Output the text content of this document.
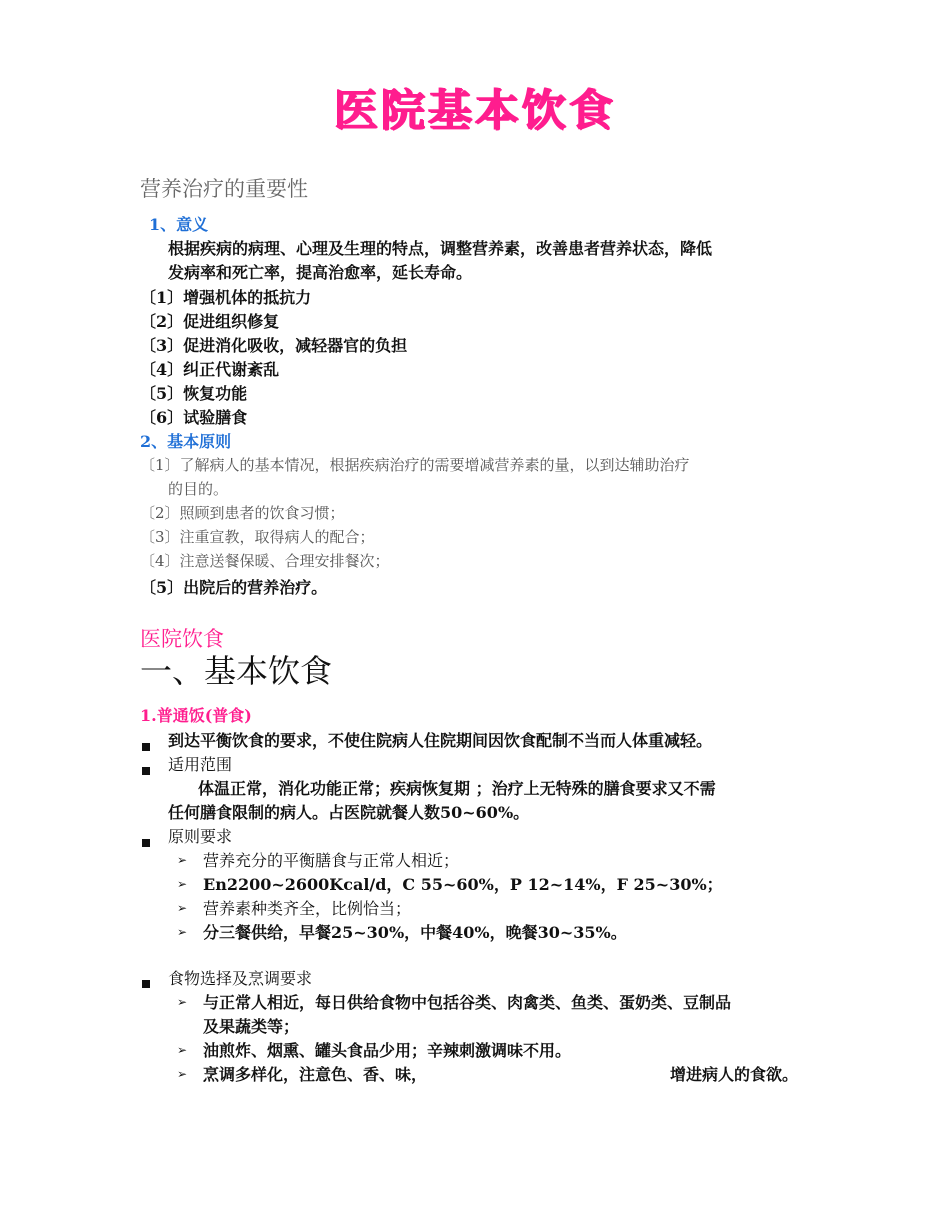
医院基本饮食
营养治疗的重要性
1、意义
根据疾病的病理、心理及生理的特点，调整营养素，改善患者营养状态，降低
发病率和死亡率，提高治愈率，延长寿命。
〔1〕增强机体的抵抗力
〔2〕促进组织修复
〔3〕促进消化吸收，减轻器官的负担
〔4〕纠正代谢紊乱
〔5〕恢复功能
〔6〕试验膳食
2、基本原则
〔1〕了解病人的基本情况，根据疾病治疗的需要增减营养素的量，以到达辅助治疗
的目的。
〔2〕照顾到患者的饮食习惯；
〔3〕注重宣教，取得病人的配合；
〔4〕注意送餐保暖、合理安排餐次；
〔5〕出院后的营养治疗。
医院饮食
一、基本饮食
1.普通饭(普食)
到达平衡饮食的要求，不使住院病人住院期间因饮食配制不当而人体重减轻。
适用范围
体温正常，消化功能正常；疾病恢复期 ；治疗上无特殊的膳食要求又不需
任何膳食限制的病人。占医院就餐人数50~60%。
原则要求
➢ 营养充分的平衡膳食与正常人相近；
➢ En2200~2600Kcal/d，C 55~60%，P 12~14%，F 25~30%；
➢ 营养素种类齐全，比例恰当；
➢ 分三餐供给，早餐25~30%，中餐40%，晚餐30~35%。
食物选择及烹调要求
➢ 与正常人相近，每日供给食物中包括谷类、肉禽类、鱼类、蛋奶类、豆制品
及果蔬类等；
➢ 油煎炸、烟熏、罐头食品少用；辛辣刺激调味不用。
➢ 烹调多样化，注意色、香、味，	增进病人的食欲。
